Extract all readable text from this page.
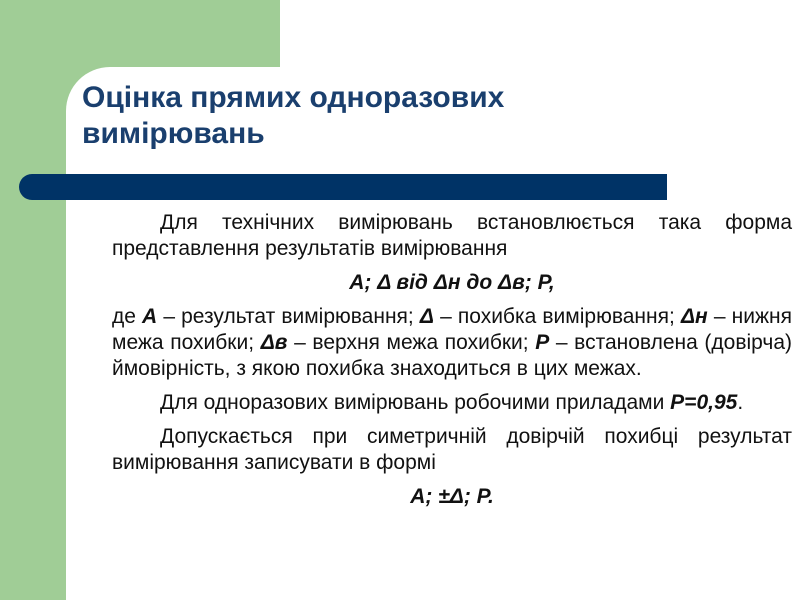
Оцінка прямих одноразових вимірювань

Для технічних вимірювань встановлюється така форма представлення результатів вимірювання

A; Δ від Δн до Δв; P,

де A – результат вимірювання; Δ – похибка вимірювання; Δн – нижня межа похибки; Δв – верхня межа похибки; P – встановлена (довірча) ймовірність, з якою похибка знаходиться в цих межах.

Для одноразових вимірювань робочими приладами P=0,95.

Допускається при симетричній довірчій похибці результат вимірювання записувати в формі

A; ±Δ; P.
